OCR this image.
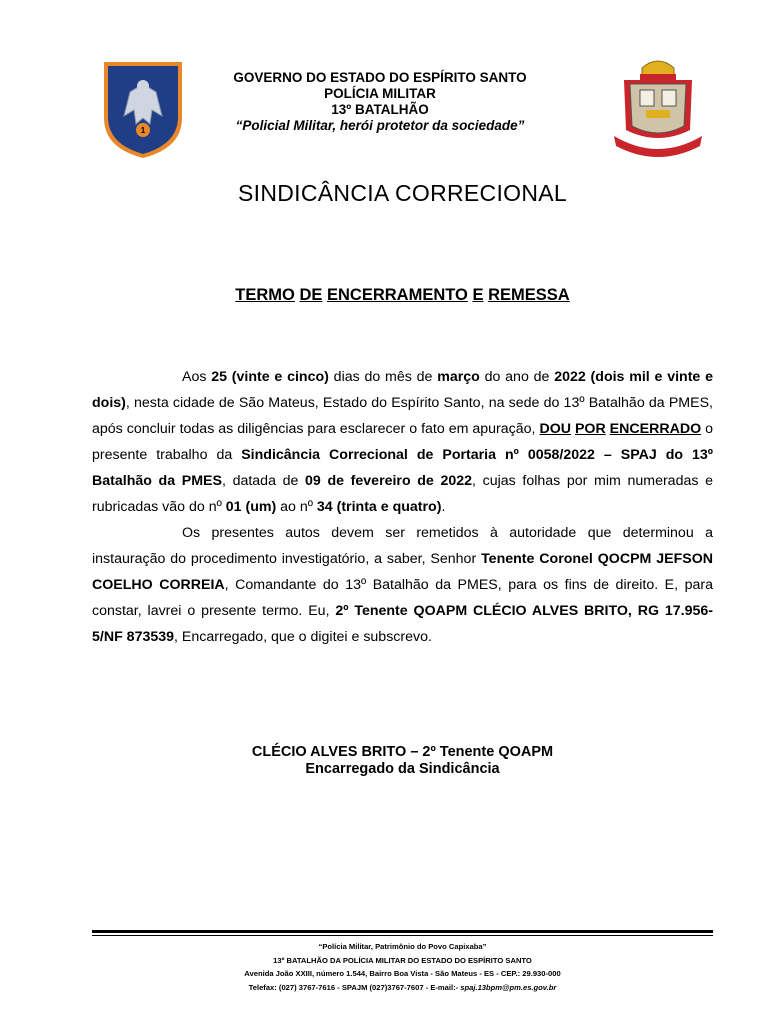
1
GOVERNO DO ESTADO DO ESPÍRITO SANTO
POLÍCIA MILITAR
13º BATALHÃO
“Policial Militar, herói protetor da sociedade”
SINDICÂNCIA CORRECIONAL
TERMO DE ENCERRAMENTO E REMESSA

Aos 25 (vinte e cinco) dias do mês de março do ano de 2022 (dois mil e vinte e dois), nesta cidade de São Mateus, Estado do Espírito Santo, na sede do 13º Batalhão da PMES, após concluir todas as diligências para esclarecer o fato em apuração, DOU POR ENCERRADO o presente trabalho da Sindicância Correcional de Portaria nº 0058/2022 – SPAJ do 13º Batalhão da PMES, datada de 09 de fevereiro de 2022, cujas folhas por mim numeradas e rubricadas vão do nº 01 (um) ao nº 34 (trinta e quatro).

Os presentes autos devem ser remetidos à autoridade que determinou a instauração do procedimento investigatório, a saber, Senhor Tenente Coronel QOCPM JEFSON COELHO CORREIA, Comandante do 13º Batalhão da PMES, para os fins de direito. E, para constar, lavrei o presente termo. Eu, 2º Tenente QOAPM CLÉCIO ALVES BRITO, RG 17.956-5/NF 873539, Encarregado, que o digitei e subscrevo.

CLÉCIO ALVES BRITO – 2º Tenente QOAPM
Encarregado da Sindicância
“Polícia Militar, Patrimônio do Povo Capixaba”
13º BATALHÃO DA POLÍCIA MILITAR DO ESTADO DO ESPÍRITO SANTO
Avenida João XXIII, número 1.544, Bairro Boa Vista - São Mateus - ES - CEP.: 29.930-000
Telefax: (027) 3767-7616 - SPAJM (027)3767-7607 - E-mail:- spaj.13bpm@pm.es.gov.br
